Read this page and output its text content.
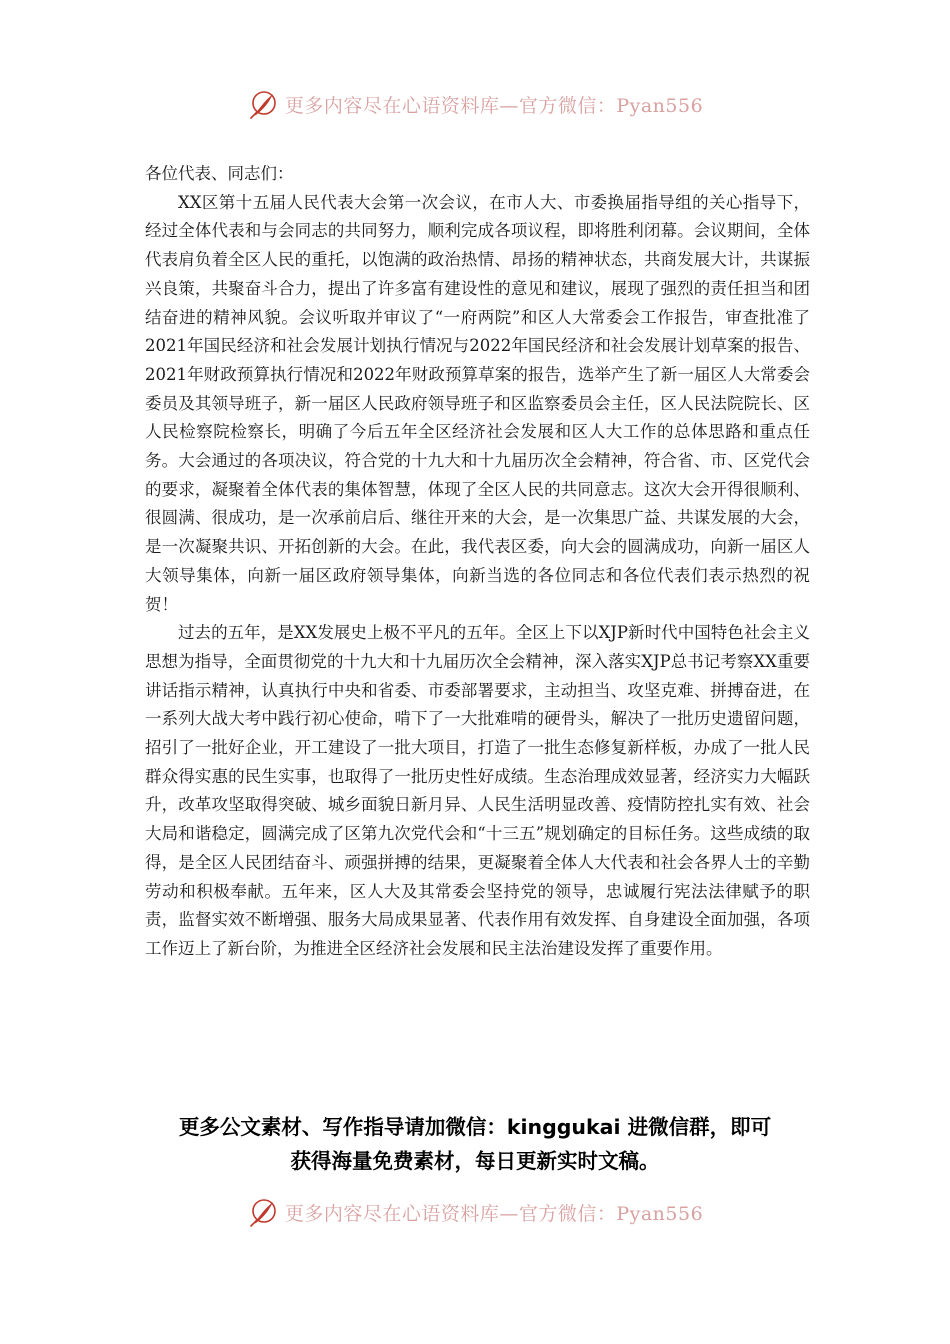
更多内容尽在心语资料库—官方微信：Pyan556

各位代表、同志们：

XX区第十五届人民代表大会第一次会议，在市人大、市委换届指导组的关心指导下，经过全体代表和与会同志的共同努力，顺利完成各项议程，即将胜利闭幕。会议期间，全体代表肩负着全区人民的重托，以饱满的政治热情、昂扬的精神状态，共商发展大计，共谋振兴良策，共聚奋斗合力，提出了许多富有建设性的意见和建议，展现了强烈的责任担当和团结奋进的精神风貌。会议听取并审议了“一府两院”和区人大常委会工作报告，审查批准了2021年国民经济和社会发展计划执行情况与2022年国民经济和社会发展计划草案的报告、2021年财政预算执行情况和2022年财政预算草案的报告，选举产生了新一届区人大常委会委员及其领导班子，新一届区人民政府领导班子和区监察委员会主任，区人民法院院长、区人民检察院检察长，明确了今后五年全区经济社会发展和区人大工作的总体思路和重点任务。大会通过的各项决议，符合党的十九大和十九届历次全会精神，符合省、市、区党代会的要求，凝聚着全体代表的集体智慧，体现了全区人民的共同意志。这次大会开得很顺利、很圆满、很成功，是一次承前启后、继往开来的大会，是一次集思广益、共谋发展的大会，是一次凝聚共识、开拓创新的大会。在此，我代表区委，向大会的圆满成功，向新一届区人大领导集体，向新一届区政府领导集体，向新当选的各位同志和各位代表们表示热烈的祝贺！

过去的五年，是XX发展史上极不平凡的五年。全区上下以XJP新时代中国特色社会主义思想为指导，全面贯彻党的十九大和十九届历次全会精神，深入落实XJP总书记考察XX重要讲话指示精神，认真执行中央和省委、市委部署要求，主动担当、攻坚克难、拼搏奋进，在一系列大战大考中践行初心使命，啃下了一大批难啃的硬骨头，解决了一批历史遗留问题，招引了一批好企业，开工建设了一批大项目，打造了一批生态修复新样板，办成了一批人民群众得实惠的民生实事，也取得了一批历史性好成绩。生态治理成效显著，经济实力大幅跃升，改革攻坚取得突破、城乡面貌日新月异、人民生活明显改善、疫情防控扎实有效、社会大局和谐稳定，圆满完成了区第九次党代会和“十三五”规划确定的目标任务。这些成绩的取得，是全区人民团结奋斗、顽强拼搏的结果，更凝聚着全体人大代表和社会各界人士的辛勤劳动和积极奉献。五年来，区人大及其常委会坚持党的领导，忠诚履行宪法法律赋予的职责，监督实效不断增强、服务大局成果显著、代表作用有效发挥、自身建设全面加强，各项工作迈上了新台阶，为推进全区经济社会发展和民主法治建设发挥了重要作用。

更多公文素材、写作指导请加微信：kinggukai 进微信群，即可
获得海量免费素材，每日更新实时文稿。
更多内容尽在心语资料库—官方微信：Pyan556
